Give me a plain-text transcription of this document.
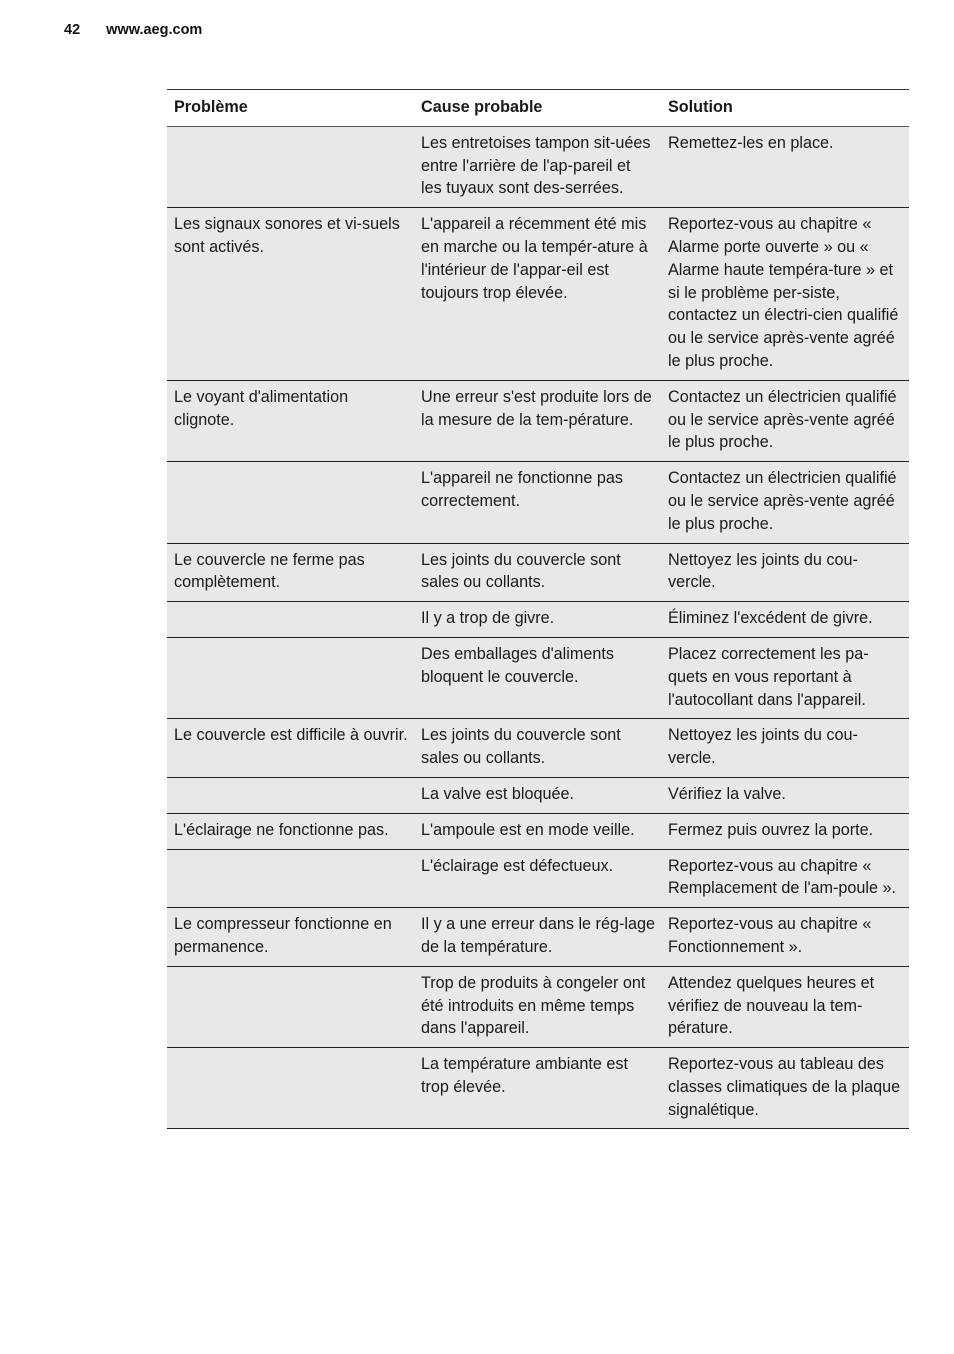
42 www.aeg.com
Problème	Cause probable	Solution
	Les entretoises tampon sit-uées entre l'arrière de l'ap-pareil et les tuyaux sont des-serrées.	Remettez-les en place.
Les signaux sonores et vi-suels sont activés.	L'appareil a récemment été mis en marche ou la tempér-ature à l'intérieur de l'appar-eil est toujours trop élevée.	Reportez-vous au chapitre « Alarme porte ouverte » ou « Alarme haute tempéra-ture » et si le problème per-siste, contactez un électri-cien qualifié ou le service après-vente agréé le plus proche.
Le voyant d'alimentation clignote.	Une erreur s'est produite lors de la mesure de la tem-pérature.	Contactez un électricien qualifié ou le service après-vente agréé le plus proche.
	L'appareil ne fonctionne pas correctement.	Contactez un électricien qualifié ou le service après-vente agréé le plus proche.
Le couvercle ne ferme pas complètement.	Les joints du couvercle sont sales ou collants.	Nettoyez les joints du cou-vercle.
	Il y a trop de givre.	Éliminez l'excédent de givre.
	Des emballages d'aliments bloquent le couvercle.	Placez correctement les pa-quets en vous reportant à l'autocollant dans l'appareil.
Le couvercle est difficile à ouvrir.	Les joints du couvercle sont sales ou collants.	Nettoyez les joints du cou-vercle.
	La valve est bloquée.	Vérifiez la valve.
L'éclairage ne fonctionne pas.	L'ampoule est en mode veille.	Fermez puis ouvrez la porte.
	L'éclairage est défectueux.	Reportez-vous au chapitre « Remplacement de l'am-poule ».
Le compresseur fonctionne en permanence.	Il y a une erreur dans le rég-lage de la température.	Reportez-vous au chapitre « Fonctionnement ».
	Trop de produits à congeler ont été introduits en même temps dans l'appareil.	Attendez quelques heures et vérifiez de nouveau la tem-pérature.
	La température ambiante est trop élevée.	Reportez-vous au tableau des classes climatiques de la plaque signalétique.
